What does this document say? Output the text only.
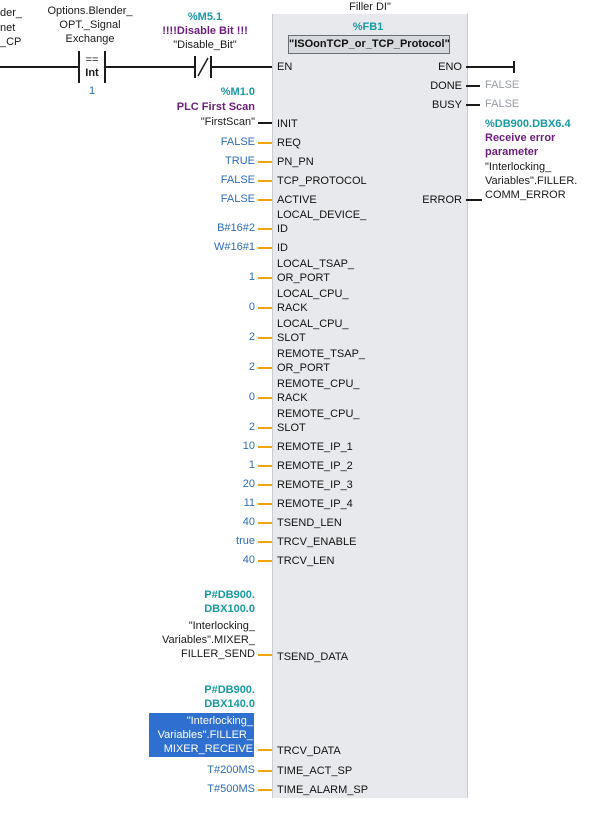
der_
net
_CP
Options.Blender_
OPT._Signal
Exchange
Filler DI"
==
Int
1
%M5.1
!!!!Disable Bit !!!
"Disable_Bit"
%FB1
"ISOonTCP_or_TCP_Protocol"
EN	ENO
DONE FALSE
BUSY FALSE
%DB900.DBX6.4
Receive error
parameter
"Interlocking_
Variables".FILLER.
COMM_ERROR
ERROR
%M1.0
PLC First Scan
"FirstScan" INIT
FALSE REQ
TRUE PN_PN
FALSE TCP_PROTOCOL
FALSE ACTIVE
LOCAL_DEVICE_
ID
B#16#2
W#16#1 ID
LOCAL_TSAP_
OR_PORT
1
LOCAL_CPU_
RACK
0
LOCAL_CPU_
SLOT
2
REMOTE_TSAP_
OR_PORT
2
REMOTE_CPU_
RACK
0
REMOTE_CPU_
SLOT
2
10 REMOTE_IP_1
1 REMOTE_IP_2
20 REMOTE_IP_3
11 REMOTE_IP_4
40 TSEND_LEN
true TRCV_ENABLE
40 TRCV_LEN
P#DB900.
DBX100.0
"Interlocking_
Variables".MIXER_
FILLER_SEND TSEND_DATA
P#DB900.
DBX140.0
"Interlocking_
Variables".FILLER_
MIXER_RECEIVE TRCV_DATA
T#200MS TIME_ACT_SP
T#500MS TIME_ALARM_SP
